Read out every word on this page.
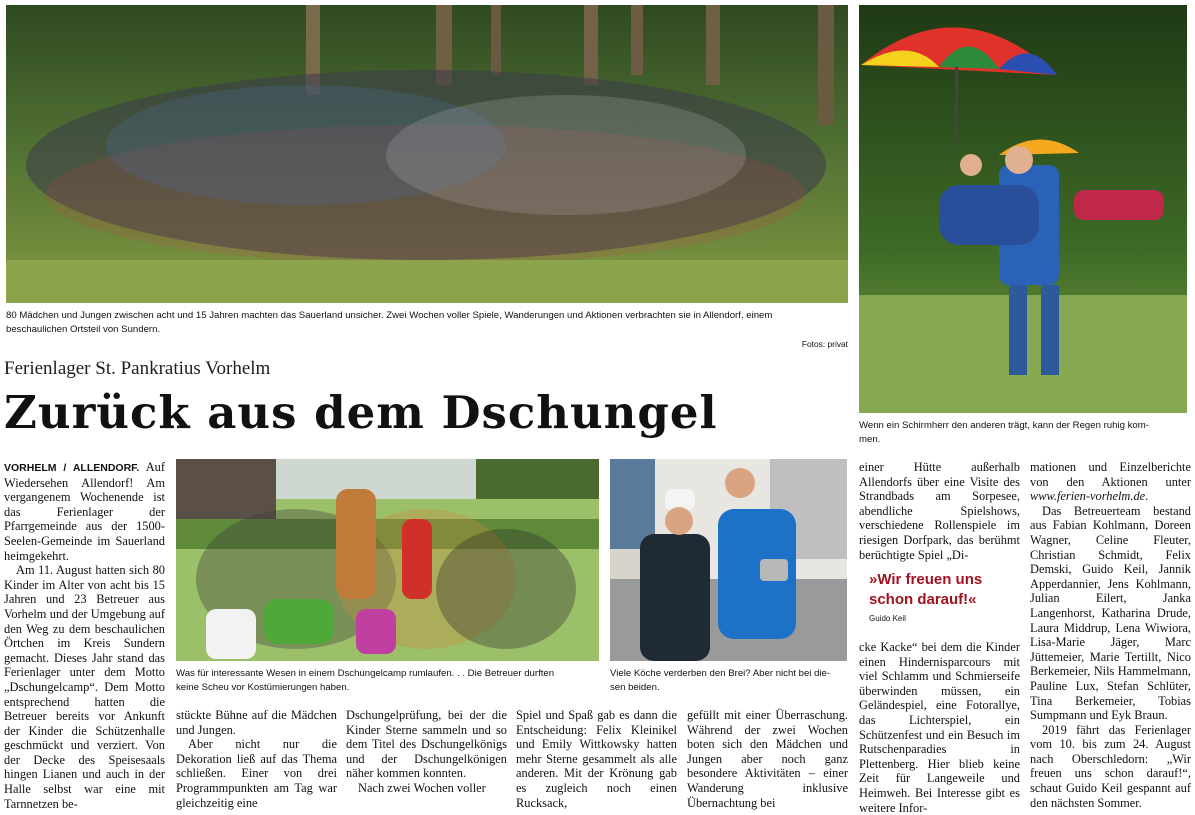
80 Mädchen und Jungen zwischen acht und 15 Jahren machten das Sauerland unsicher. Zwei Wochen voller Spiele, Wanderungen und Aktionen verbrachten sie in Allendorf, einem
beschaulichen Ortsteil von Sundern.
Fotos: privat
Wenn ein Schirmherr den anderen trägt, kann der Regen ruhig kom-
men.
Ferienlager St. Pankratius Vorhelm
Zurück aus dem Dschungel
Was für interessante Wesen in einem Dschungelcamp rumlaufen. . . Die Betreuer durften
keine Scheu vor Kostümierungen haben.
Viele Köche verderben den Brei? Aber nicht bei die-
sen beiden.

VORHELM / ALLENDORF. Auf Wiedersehen Allendorf! Am vergangenem Wochenende ist das Ferienlager der Pfarrgemeinde aus der 1500-Seelen-Gemeinde im Sauerland heimgekehrt.

Am 11. August hatten sich 80 Kinder im Alter von acht bis 15 Jahren und 23 Betreuer aus Vorhelm und der Umgebung auf den Weg zu dem beschaulichen Örtchen im Kreis Sundern gemacht. Dieses Jahr stand das Ferienlager unter dem Motto „Dschungelcamp“. Dem Motto entsprechend hatten die Betreuer bereits vor Ankunft der Kinder die Schützenhalle geschmückt und verziert. Von der Decke des Speisesaals hingen Lianen und auch in der Halle selbst war eine mit Tarnnetzen be-

stückte Bühne auf die Mädchen und Jungen.

Aber nicht nur die Dekoration ließ auf das Thema schließen. Einer von drei Programmpunkten am Tag war gleichzeitig eine

Dschungelprüfung, bei der die Kinder Sterne sammeln und so dem Titel des Dschungelkönigs und der Dschungelkönigen näher kommen konnten.

Nach zwei Wochen voller

Spiel und Spaß gab es dann die Entscheidung: Felix Kleinikel und Emily Wittkowsky hatten mehr Sterne gesammelt als alle anderen. Mit der Krönung gab es zugleich noch einen Rucksack,

gefüllt mit einer Überraschung. Während der zwei Wochen boten sich den Mädchen und Jungen aber noch ganz besondere Aktivitäten – einer Wanderung inklusive Übernachtung bei

einer Hütte außerhalb Allendorfs über eine Visite des Strandbads am Sorpesee, abendliche Spielshows, verschiedene Rollenspiele im riesigen Dorfpark, das berühmt berüchtigte Spiel „Di-

»Wir freuen uns
schon darauf!«
Guido Keil

cke Kacke“ bei dem die Kinder einen Hindernisparcours mit viel Schlamm und Schmierseife überwinden müssen, ein Geländespiel, eine Fotorallye, das Lichterspiel, ein Schützenfest und ein Besuch im Rutschenparadies in Plettenberg. Hier blieb keine Zeit für Langeweile und Heimweh. Bei Interesse gibt es weitere Infor-

mationen und Einzelberichte von den Aktionen unter www.ferien-vorhelm.de.

Das Betreuerteam bestand aus Fabian Kohlmann, Doreen Wagner, Celine Fleuter, Christian Schmidt, Felix Demski, Guido Keil, Jannik Apperdannier, Jens Kohlmann, Julian Eilert, Janka Langenhorst, Katharina Drude, Laura Middrup, Lena Wiwiora, Lisa-Marie Jäger, Marc Jüttemeier, Marie Tertillt, Nico Berkemeier, Nils Hammelmann, Pauline Lux, Stefan Schlüter, Tina Berkemeier, Tobias Sumpmann und Eyk Braun.

2019 fährt das Ferienlager vom 10. bis zum 24. August nach Oberschledorn: „Wir freuen uns schon darauf!“, schaut Guido Keil gespannt auf den nächsten Sommer.
